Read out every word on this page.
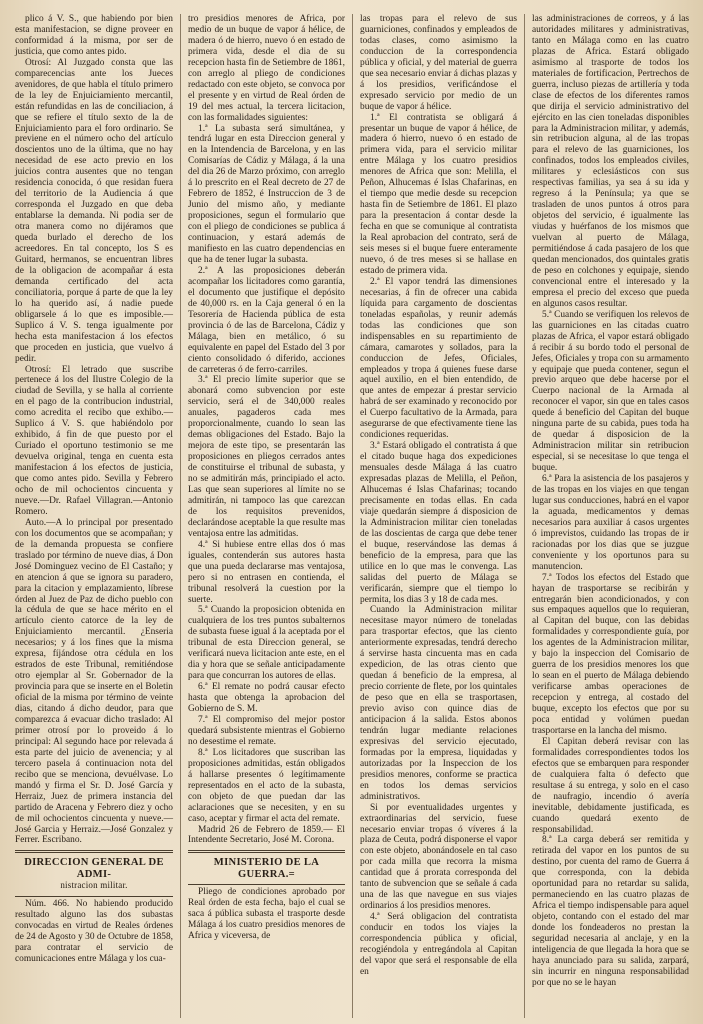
plico á V. S., que habiendo por bien esta manifestacion, se digne proveer en conformidad á la misma, por ser de justicia, que como antes pido.

Otrosí: Al Juzgado consta que las comparecencias ante los Jueces avenidores, de que habla el título primero de la ley de Enjuiciamiento mercantil, están refundidas en las de conciliacion, á que se refiere el título sexto de la de Enjuiciamiento para el foro ordinario. Se previene en el número ocho del artículo doscientos uno de la última, que no hay necesidad de ese acto previo en los juicios contra ausentes que no tengan residencia conocida, ó que residan fuera del territorio de la Audiencia á que corresponda el Juzgado en que deba entablarse la demanda. Ni podia ser de otra manera como no dijéramos que queda burlado el derecho de los acreedores. En tal concepto, los S es Guitard, hermanos, se encuentran libres de la obligacion de acompañar á esta demanda certificado del acta conciliatoria, porque á parte de que la ley lo ha querido así, á nadie puede obligarsele á lo que es imposible.—Suplico á V. S. tenga igualmente por hecha esta manifestacion á los efectos que proceden en justicia, que vuelvo á pedir.

Otrosí: El letrado que suscribe pertenece á los del Ilustre Colegio de la ciudad de Sevilla, y se halla al corriente en el pago de la contribucion industrial, como acredita el recibo que exhibo.—Suplico á V. S. que habiéndolo por exhibido, á fin de que puesto por el Curiado el oportuno testimonio se me devuelva original, tenga en cuenta esta manifestacion á los efectos de justicia, que como antes pido. Sevilla y Febrero ocho de mil ochocientos cincuenta y nueve.—Dr. Rafael Villagran.—Antonio Romero.

Auto.—A lo principal por presentado con los documentos que se acompañan; y de la demanda propuesta se confiere traslado por término de nueve dias, á Don José Dominguez vecino de El Castaño; y en atencion á que se ignora su paradero, para la citacion y emplazamiento, líbrese órden al Juez de Paz de dicho pueblo con la cédula de que se hace mérito en el artículo ciento catorce de la ley de Enjuiciamiento mercantil. ¿Enseria necesarios; y á los fines que la misma expresa, fíjándose otra cédula en los estrados de este Tribunal, remitiéndose otro ejemplar al Sr. Gobernador de la provincia para que se inserte en el Boletin oficial de la misma por término de veinte dias, citando á dicho deudor, para que comparezca á evacuar dicho traslado: Al primer otrosí por lo proveido á lo principal: Al segundo hace por relevada á esta parte del juicio de avenencia; y al tercero pasela á continuacion nota del recibo que se menciona, devuélvase. Lo mandó y firma el Sr. D. José García y Herraiz, Juez de primera instancia del partido de Aracena y Febrero diez y ocho de mil ochocientos cincuenta y nueve.—José Garcia y Herraiz.—José Gonzalez y Ferrer. Escribano.

DIRECCION GENERAL DE ADMI-
nistracion militar.

Núm. 466. No habiendo producido resultado alguno las dos subastas convocadas en virtud de Reales órdenes de 24 de Agosto y 30 de Octubre de 1858, para contratar el servicio de comunicaciones entre Málaga y los cua-

tro presidios menores de Africa, por medio de un buque de vapor á hélice, de madera ó de hierro, nuevo ó en estado de primera vida, desde el dia de su recepcion hasta fin de Setiembre de 1861, con arreglo al pliego de condiciones redactado con este objeto, se convoca por el presente y en virtud de Real órden de 19 del mes actual, la tercera licitacion, con las formalidades siguientes:

1.ª La subasta será simultánea, y tendrá lugar en esta Direccion general y en la Intendencia de Barcelona, y en las Comisarías de Cádiz y Málaga, á la una del dia 26 de Marzo próximo, con arreglo á lo prescrito en el Real decreto de 27 de Febrero de 1852, é Instruccion de 3 de Junio del mismo año, y mediante proposiciones, segun el formulario que con el pliego de condiciones se publica á continuacion, y estará además de manifiesto en las cuatro dependencias en que ha de tener lugar la subasta.

2.ª A las proposiciones deberán acompañar los licitadores como garantía, el documento que justifique el depósito de 40,000 rs. en la Caja general ó en la Tesorería de Hacienda pública de esta provincia ó de las de Barcelona, Cádiz y Málaga, bien en metálico, ó su equivalente en papel del Estado del 3 por ciento consolidado ó diferido, acciones de carreteras ó de ferro-carriles.

3.ª El precio límite superior que se abonará como subvencion por este servicio, será el de 340,000 reales anuales, pagaderos cada mes proporcionalmente, cuando lo sean las demas obligaciones del Estado. Bajo la mejora de este tipo, se presentarán las proposiciones en pliegos cerrados antes de constituirse el tribunal de subasta, y no se admitirán más, principiado el acto. Las que sean superiores al límite no se admitirán, ni tampoco las que carezcan de los requisitos prevenidos, declarándose aceptable la que resulte mas ventajosa entre las admitidas.

4.ª Si hubiese entre ellas dos ó mas iguales, contenderán sus autores hasta que una pueda declararse mas ventajosa, pero si no entrasen en contienda, el tribunal resolverá la cuestion por la suerte.

5.ª Cuando la proposicion obtenida en cualquiera de los tres puntos subalternos de subasta fuese igual á la aceptada por el tribunal de esta Direccion general, se verificará nueva licitacion ante este, en el dia y hora que se señale anticipadamente para que concurran los autores de ellas.

6.ª El remate no podrá causar efecto hasta que obtenga la aprobacion del Gobierno de S. M.

7.ª El compromiso del mejor postor quedará subsistente mientras el Gobierno no desestime el remate.

8.ª Los licitadores que suscriban las proposiciones admitidas, están obligados á hallarse presentes ó legítimamente representados en el acto de la subasta, con objeto de que puedan dar las aclaraciones que se necesiten, y en su caso, aceptar y firmar el acta del remate.

Madrid 26 de Febrero de 1859.— El Intendente Secretario, José M. Corona.

MINISTERIO DE LA GUERRA.=

Pliego de condiciones aprobado por Real órden de esta fecha, bajo el cual se saca á pública subasta el trasporte desde Málaga á los cuatro presidios menores de Africa y viceversa, de

las tropas para el relevo de sus guarniciones, confinados y empleados de todas clases, como asimismo la conduccion de la correspondencia pública y oficial, y del material de guerra que sea necesario enviar á dichas plazas y á los presidios, verificándose el expresado servicio por medio de un buque de vapor á hélice.

1.ª El contratista se obligará á presentar un buque de vapor á hélice, de madera ó hierro, nuevo ó en estado de primera vida, para el servicio militar entre Málaga y los cuatro presidios menores de Africa que son: Melilla, el Peñon, Alhucemas é Islas Chafarinas, en el tiempo que medie desde su recepcion hasta fin de Setiembre de 1861. El plazo para la presentacion á contar desde la fecha en que se comunique al contratista la Real aprobacion del contrato, será de seis meses si el buque fuere enteramente nuevo, ó de tres meses si se hallase en estado de primera vida.

2.ª El vapor tendrá las dimensiones necesarias, á fin de ofrecer una cabida líquida para cargamento de doscientas toneladas españolas, y reunir además todas las condiciones que son indispensables en su repartimiento de cámara, camarotes y sollados, para la conduccion de Jefes, Oficiales, empleados y tropa á quienes fuese darse aquel auxilio, en el bien entendido, de que antes de empezar á prestar servicio habrá de ser examinado y reconocido por el Cuerpo facultativo de la Armada, para asegurarse de que efectivamente tiene las condiciones requeridas.

3.ª Estará obligado el contratista á que el citado buque haga dos expediciones mensuales desde Málaga á las cuatro expresadas plazas de Melilla, el Peñon, Alhucemas é Islas Chafarinas; tocando precisamente en todas ellas. En cada viaje quedarán siempre á disposicion de la Administracion militar cien toneladas de las doscientas de carga que debe tener el buque, reservándose las demas á beneficio de la empresa, para que las utilice en lo que mas le convenga. Las salidas del puerto de Málaga se verificarán, siempre que el tiempo lo permita, los dias 3 y 18 de cada mes.

Cuando la Administracion militar necesitase mayor número de toneladas para trasportar efectos, que las ciento anteriormente expresadas, tendrá derecho á servirse hasta cincuenta mas en cada expedicion, de las otras ciento que quedan á beneficio de la empresa, al precio corriente de flete, por los quintales de peso que en ella se trasportasen, previo aviso con quince dias de anticipacion á la salida. Estos abonos tendrán lugar mediante relaciones expresivas del servicio ejecutado, formadas por la empresa, liquidadas y autorizadas por la Inspeccion de los presidios menores, conforme se practica en todos los demas servicios administrativos.

Si por eventualidades urgentes y extraordinarias del servicio, fuese necesario enviar tropas ó víveres á la plaza de Ceuta, podrá disponerse el vapor con este objeto, abonándosele en tal caso por cada milla que recorra la misma cantidad que á prorata corresponda del tanto de subvencion que se señale á cada una de las que navegue en sus viajes ordinarios á los presidios menores.

4.ª Será obligacion del contratista conducir en todos los viajes la correspondencia pública y oficial, recogiéndola y entregándola al Capitan del vapor que será el responsable de ella en

las administraciones de correos, y á las autoridades militares y administrativas, tanto en Málaga como en las cuatro plazas de Africa. Estará obligado asimismo al trasporte de todos los materiales de fortificacion, Pertrechos de guerra, incluso piezas de artillería y toda clase de efectos de los diferentes ramos que dirija el servicio administrativo del ejército en las cien toneladas disponibles para la Administracion militar, y además, sin retribucion alguna, al de las tropas para el relevo de las guarniciones, los confinados, todos los empleados civiles, militares y eclesiásticos con sus respectivas familias, ya sea á su ida y regreso á la Península; ya que se trasladen de unos puntos á otros para objetos del servicio, é igualmente las viudas y huérfanos de los mismos que vuelvan al puerto de Málaga, permitiéndose á cada pasajero de los que quedan mencionados, dos quintales gratis de peso en colchones y equipaje, siendo convencional entre el interesado y la empresa el precio del exceso que pueda en algunos casos resultar.

5.ª Cuando se verifiquen los relevos de las guarniciones en las citadas cuatro plazas de Africa, el vapor estará obligado á recibir á su bordo todo el personal de Jefes, Oficiales y tropa con su armamento y equipaje que pueda contener, segun el previo arqueo que debe hacerse por el Cuerpo nacional de la Armada al reconocer el vapor, sin que en tales casos quede á beneficio del Capitan del buque ninguna parte de su cabida, pues toda ha de quedar á disposicion de la Administracion militar sin retribucion especial, si se necesitase lo que tenga el buque.

6.ª Para la asistencia de los pasajeros y de las tropas en los viajes en que tengan lugar sus conducciones, habrá en el vapor la aguada, medicamentos y demas necesarios para auxiliar á casos urgentes ó imprevistos, cuidando las tropas de ir racionadas por los dias que se juzgue conveniente y los oportunos para su manutencion.

7.ª Todos los efectos del Estado que hayan de trasportarse se recibirán y entregarán bien acondicionados, y con sus empaques aquellos que lo requieran, al Capitan del buque, con las debidas formalidades y correspondiente guía, por los agentes de la Administracion militar, y bajo la inspeccion del Comisario de guerra de los presidios menores los que lo sean en el puerto de Málaga debiendo verificarse ambas operaciones de recepcion y entrega, al costado del buque, excepto los efectos que por su poca entidad y volúmen puedan trasportarse en la lancha del mismo.

El Capitan deberá revisar con las formalidades correspondientes todos los efectos que se embarquen para responder de cualquiera falta ó defecto que resultase á su entrega, y solo en el caso de naufragio, incendio ó avería inevitable, debidamente justificada, es cuando quedará exento de responsabilidad.

8.ª La carga deberá ser remitida y retirada del vapor en los puntos de su destino, por cuenta del ramo de Guerra á que corresponda, con la debida oportunidad para no retardar su salida, permaneciendo en las cuatro plazas de Africa el tiempo indispensable para aquel objeto, contando con el estado del mar donde los fondeaderos no prestan la seguridad necesaria al anclaje, y en la inteligencia de que llegada la hora que se haya anunciado para su salida, zarpará, sin incurrir en ninguna responsabilidad por que no se le hayan
